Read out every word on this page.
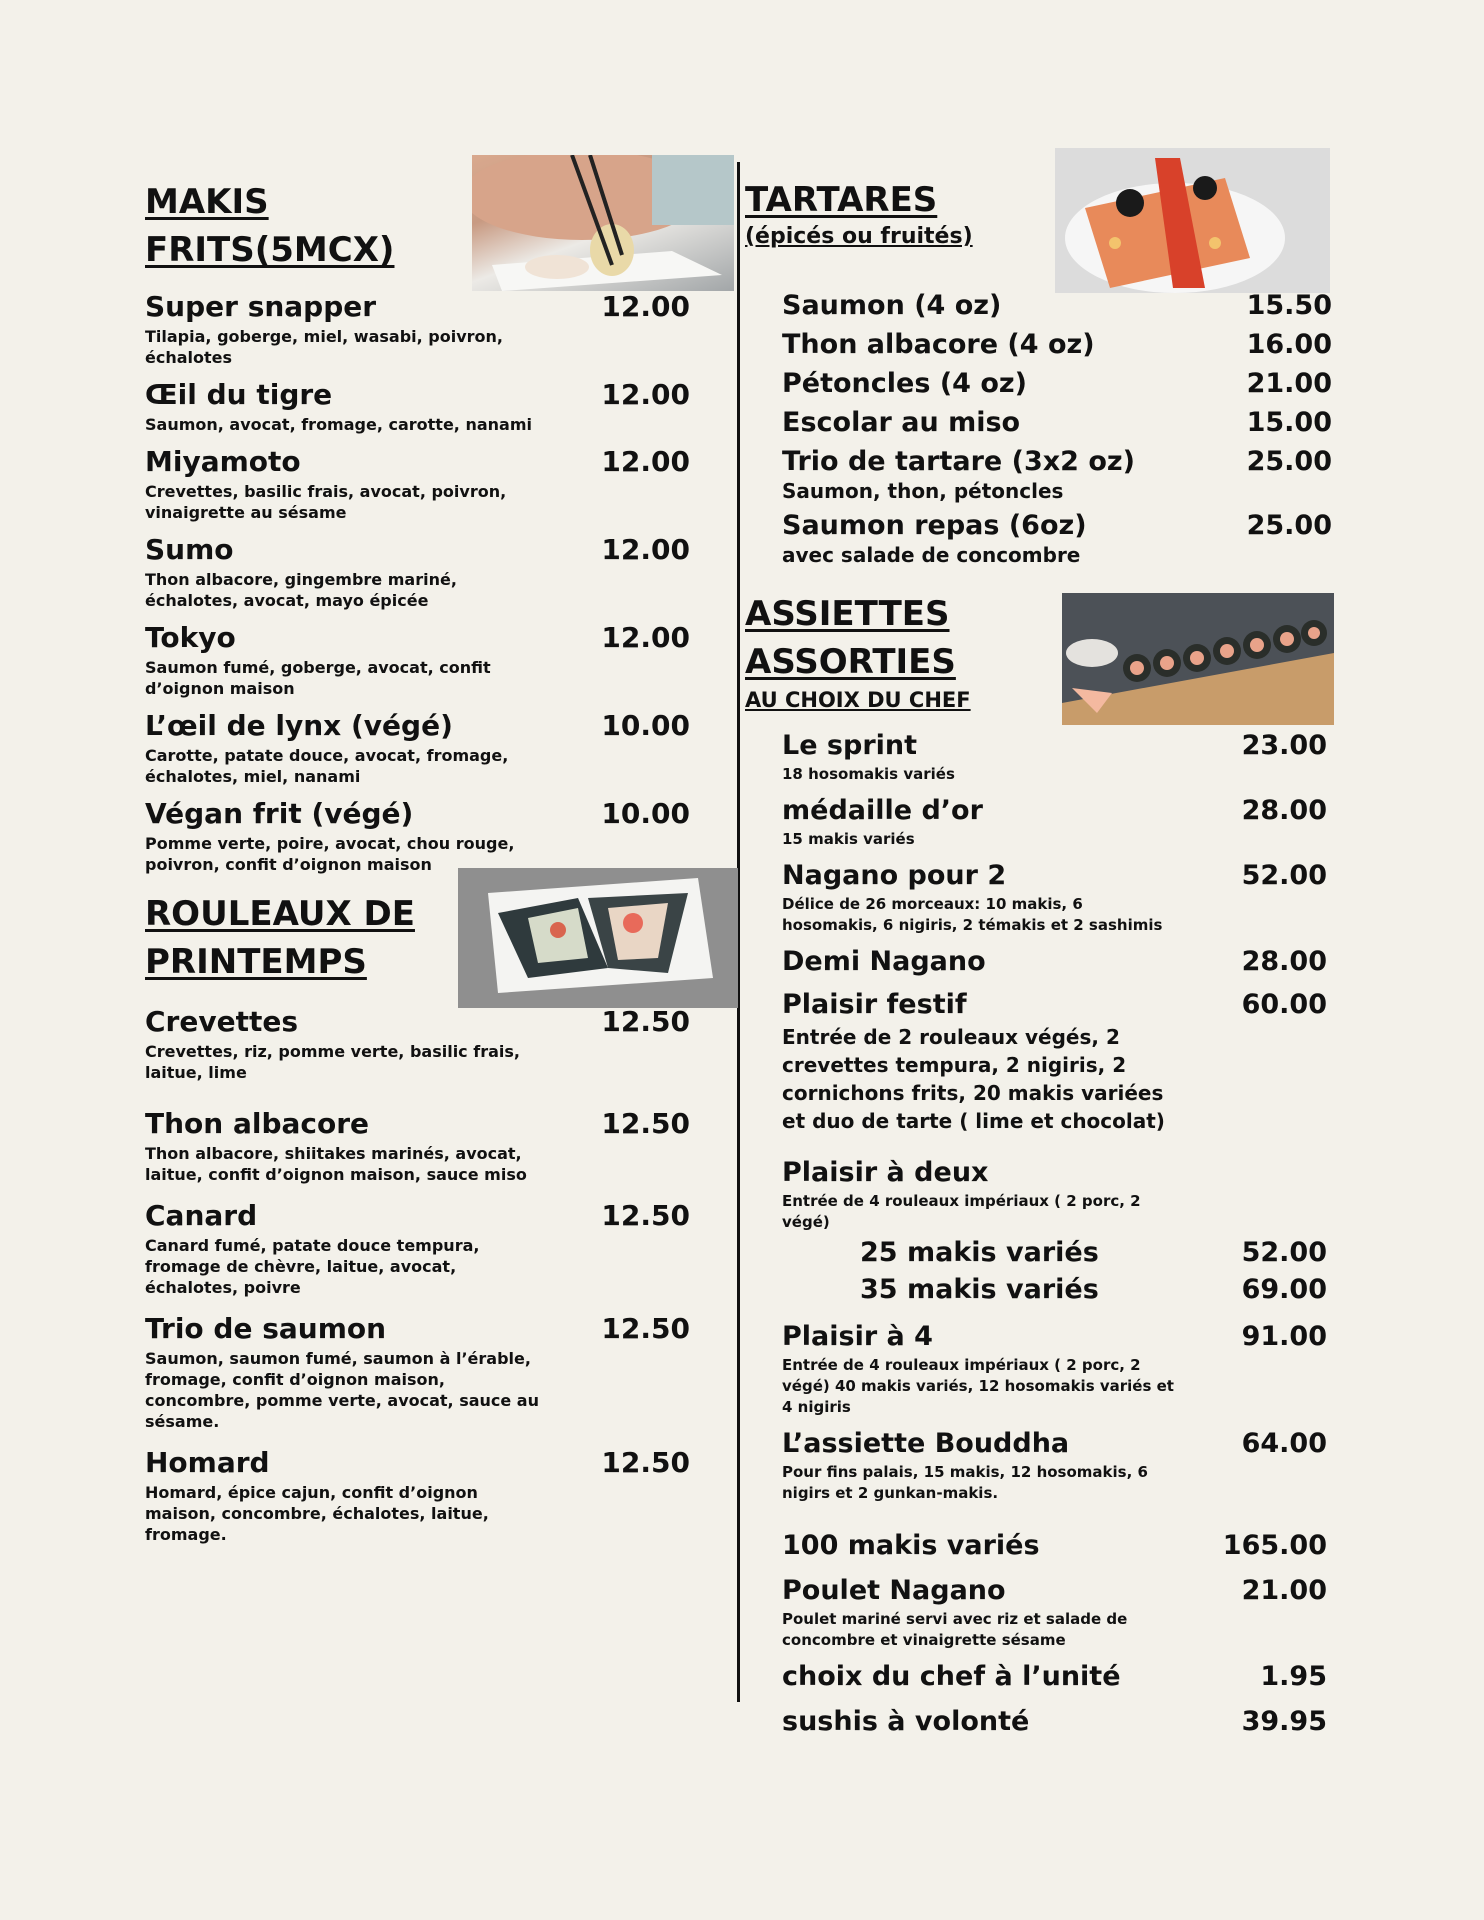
MAKIS

FRITS(5MCX)

Super snapper	12.00
Tilapia, goberge, miel, wasabi, poivron, échalotes
Œil du tigre	12.00
Saumon, avocat, fromage, carotte, nanami
Miyamoto	12.00
Crevettes, basilic frais, avocat, poivron, vinaigrette au sésame
Sumo	12.00
Thon albacore, gingembre mariné, échalotes, avocat, mayo épicée
Tokyo	12.00
Saumon fumé, goberge, avocat, confit d’oignon maison
L’œil de lynx (végé)	10.00
Carotte, patate douce, avocat, fromage, échalotes, miel, nanami
Végan frit (végé)	10.00
Pomme verte, poire, avocat, chou rouge, poivron, confit d’oignon maison

ROULEAUX DE

PRINTEMPS

Crevettes	12.50
Crevettes, riz, pomme verte, basilic frais, laitue, lime
Thon albacore	12.50
Thon albacore, shiitakes marinés, avocat, laitue, confit d’oignon maison, sauce miso
Canard	12.50
Canard fumé, patate douce tempura, fromage de chèvre, laitue, avocat, échalotes, poivre
Trio de saumon	12.50
Saumon, saumon fumé, saumon à l’érable, fromage, confit d’oignon maison, concombre, pomme verte, avocat, sauce au sésame.
Homard	12.50
Homard, épice cajun, confit d’oignon maison, concombre, échalotes, laitue, fromage.

TARTARES

(épicés ou fruités)

Saumon (4 oz)	15.50
Thon albacore (4 oz)	16.00
Pétoncles (4 oz)	21.00
Escolar au miso	15.00
Trio de tartare (3x2 oz)	25.00
Saumon, thon, pétoncles
Saumon repas (6oz)	25.00
avec salade de concombre

ASSIETTES

ASSORTIES

AU CHOIX DU CHEF

Le sprint	23.00
18 hosomakis variés
médaille d’or	28.00
15 makis variés
Nagano pour 2	52.00
Délice de 26 morceaux: 10 makis, 6 hosomakis, 6 nigiris, 2 témakis et 2 sashimis
Demi Nagano	28.00
Plaisir festif	60.00
Entrée de 2 rouleaux végés, 2 crevettes tempura, 2 nigiris, 2 cornichons frits, 20 makis variées et duo de tarte ( lime et chocolat)
Plaisir à deux
Entrée de 4 rouleaux impériaux ( 2 porc, 2 végé)
25 makis variés	52.00
35 makis variés	69.00
Plaisir à 4	91.00
Entrée de 4 rouleaux impériaux ( 2 porc, 2 végé) 40 makis variés, 12 hosomakis variés et 4 nigiris
L’assiette Bouddha	64.00
Pour fins palais, 15 makis, 12 hosomakis, 6 nigirs et 2 gunkan-makis.
100 makis variés	165.00
Poulet Nagano	21.00
Poulet mariné servi avec riz et salade de concombre et vinaigrette sésame
choix du chef à l’unité	1.95
sushis à volonté	39.95
